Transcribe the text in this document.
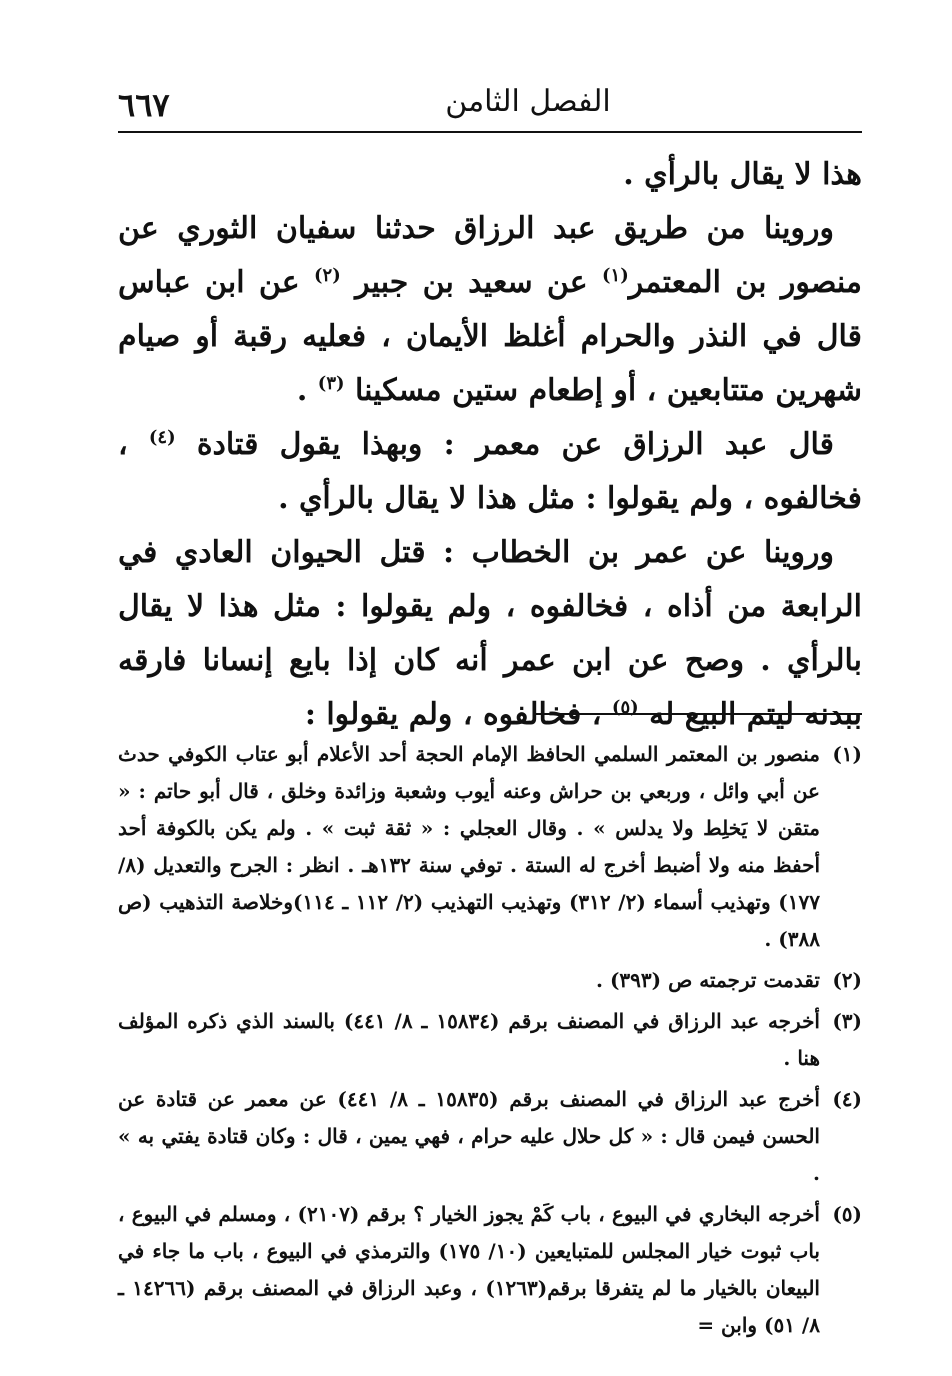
٦٦٧	الفصل الثامن

هذا لا يقال بالرأي .

وروينا من طريق عبد الرزاق حدثنا سفيان الثوري عن منصور بن المعتمر$^{(١)}$ عن سعيد بن جبير $^{(٢)}$ عن ابن عباس قال في النذر والحرام أغلظ الأيمان ، فعليه رقبة أو صيام شهرين متتابعين ، أو إطعام ستين مسكينا $^{(٣)}$ .

قال عبد الرزاق عن معمر : وبهذا يقول قتادة $^{(٤)}$ ، فخالفوه ، ولم يقولوا : مثل هذا لا يقال بالرأي .

وروينا عن عمر بن الخطاب : قتل الحيوان العادي في الرابعة من أذاه ، فخالفوه ، ولم يقولوا : مثل هذا لا يقال بالرأي . وصح عن ابن عمر أنه كان إذا بايع إنسانا فارقه ببدنه ليتم البيع له $^{(٥)}$ ، فخالفوه ، ولم يقولوا :

(١)
منصور بن المعتمر السلمي الحافظ الإمام الحجة أحد الأعلام أبو عتاب الكوفي حدث عن أبي وائل ، وربعي بن حراش وعنه أيوب وشعبة وزائدة وخلق ، قال أبو حاتم : « متقن لا يَخلِط ولا يدلس » . وقال العجلي : « ثقة ثبت » . ولم يكن بالكوفة أحد أحفظ منه ولا أضبط أخرج له الستة . توفي سنة ١٣٢هـ . انظر : الجرح والتعديل (٨/ ١٧٧) وتهذيب أسماء (٢/ ٣١٢) وتهذيب التهذيب (٢/ ١١٢ ـ ١١٤)وخلاصة التذهيب (ص ٣٨٨) .
(٢)
تقدمت ترجمته ص (٣٩٣) .
(٣)
أخرجه عبد الرزاق في المصنف برقم (١٥٨٣٤ ـ ٨/ ٤٤١) بالسند الذي ذكره المؤلف هنا .
(٤)
أخرج عبد الرزاق في المصنف برقم (١٥٨٣٥ ـ ٨/ ٤٤١) عن معمر عن قتادة عن الحسن فيمن قال : « كل حلال عليه حرام ، فهي يمين ، قال : وكان قتادة يفتي به » .
(٥)
أخرجه البخاري في البيوع ، باب كَمْ يجوز الخيار ؟ برقم (٢١٠٧) ، ومسلم في البيوع ، باب ثبوت خيار المجلس للمتبايعين (١٠/ ١٧٥) والترمذي في البيوع ، باب ما جاء في البيعان بالخيار ما لم يتفرقا برقم(١٢٦٣) ، وعبد الرزاق في المصنف برقم (١٤٢٦٦ ـ ٨/ ٥١) وابن =
